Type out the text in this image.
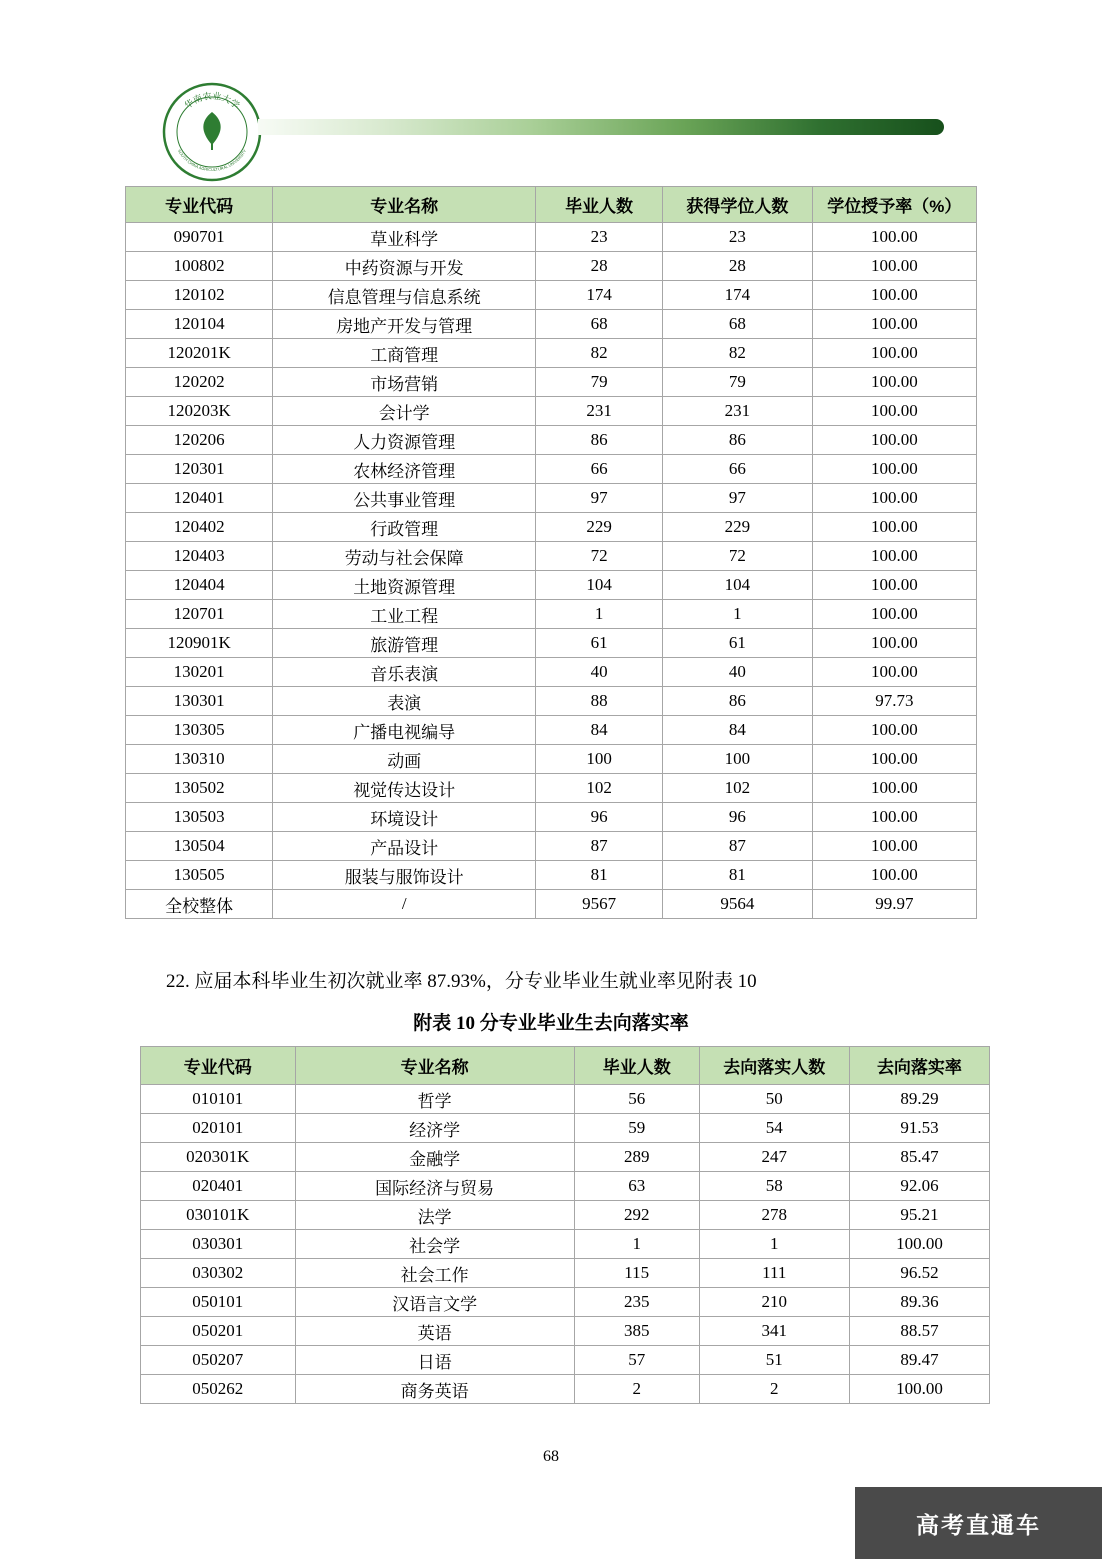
华南农业大学
SOUTH CHINA AGRICULTURAL UNIVERSITY
专业代码	专业名称	毕业人数	获得学位人数	学位授予率（%）
090701	草业科学	23	23	100.00
100802	中药资源与开发	28	28	100.00
120102	信息管理与信息系统	174	174	100.00
120104	房地产开发与管理	68	68	100.00
120201K	工商管理	82	82	100.00
120202	市场营销	79	79	100.00
120203K	会计学	231	231	100.00
120206	人力资源管理	86	86	100.00
120301	农林经济管理	66	66	100.00
120401	公共事业管理	97	97	100.00
120402	行政管理	229	229	100.00
120403	劳动与社会保障	72	72	100.00
120404	土地资源管理	104	104	100.00
120701	工业工程	1	1	100.00
120901K	旅游管理	61	61	100.00
130201	音乐表演	40	40	100.00
130301	表演	88	86	97.73
130305	广播电视编导	84	84	100.00
130310	动画	100	100	100.00
130502	视觉传达设计	102	102	100.00
130503	环境设计	96	96	100.00
130504	产品设计	87	87	100.00
130505	服装与服饰设计	81	81	100.00
全校整体	/	9567	9564	99.97

22. 应届本科毕业生初次就业率 87.93%，分专业毕业生就业率见附表 10

附表 10 分专业毕业生去向落实率

专业代码	专业名称	毕业人数	去向落实人数	去向落实率
010101	哲学	56	50	89.29
020101	经济学	59	54	91.53
020301K	金融学	289	247	85.47
020401	国际经济与贸易	63	58	92.06
030101K	法学	292	278	95.21
030301	社会学	1	1	100.00
030302	社会工作	115	111	96.52
050101	汉语言文学	235	210	89.36
050201	英语	385	341	88.57
050207	日语	57	51	89.47
050262	商务英语	2	2	100.00
68
高考直通车
